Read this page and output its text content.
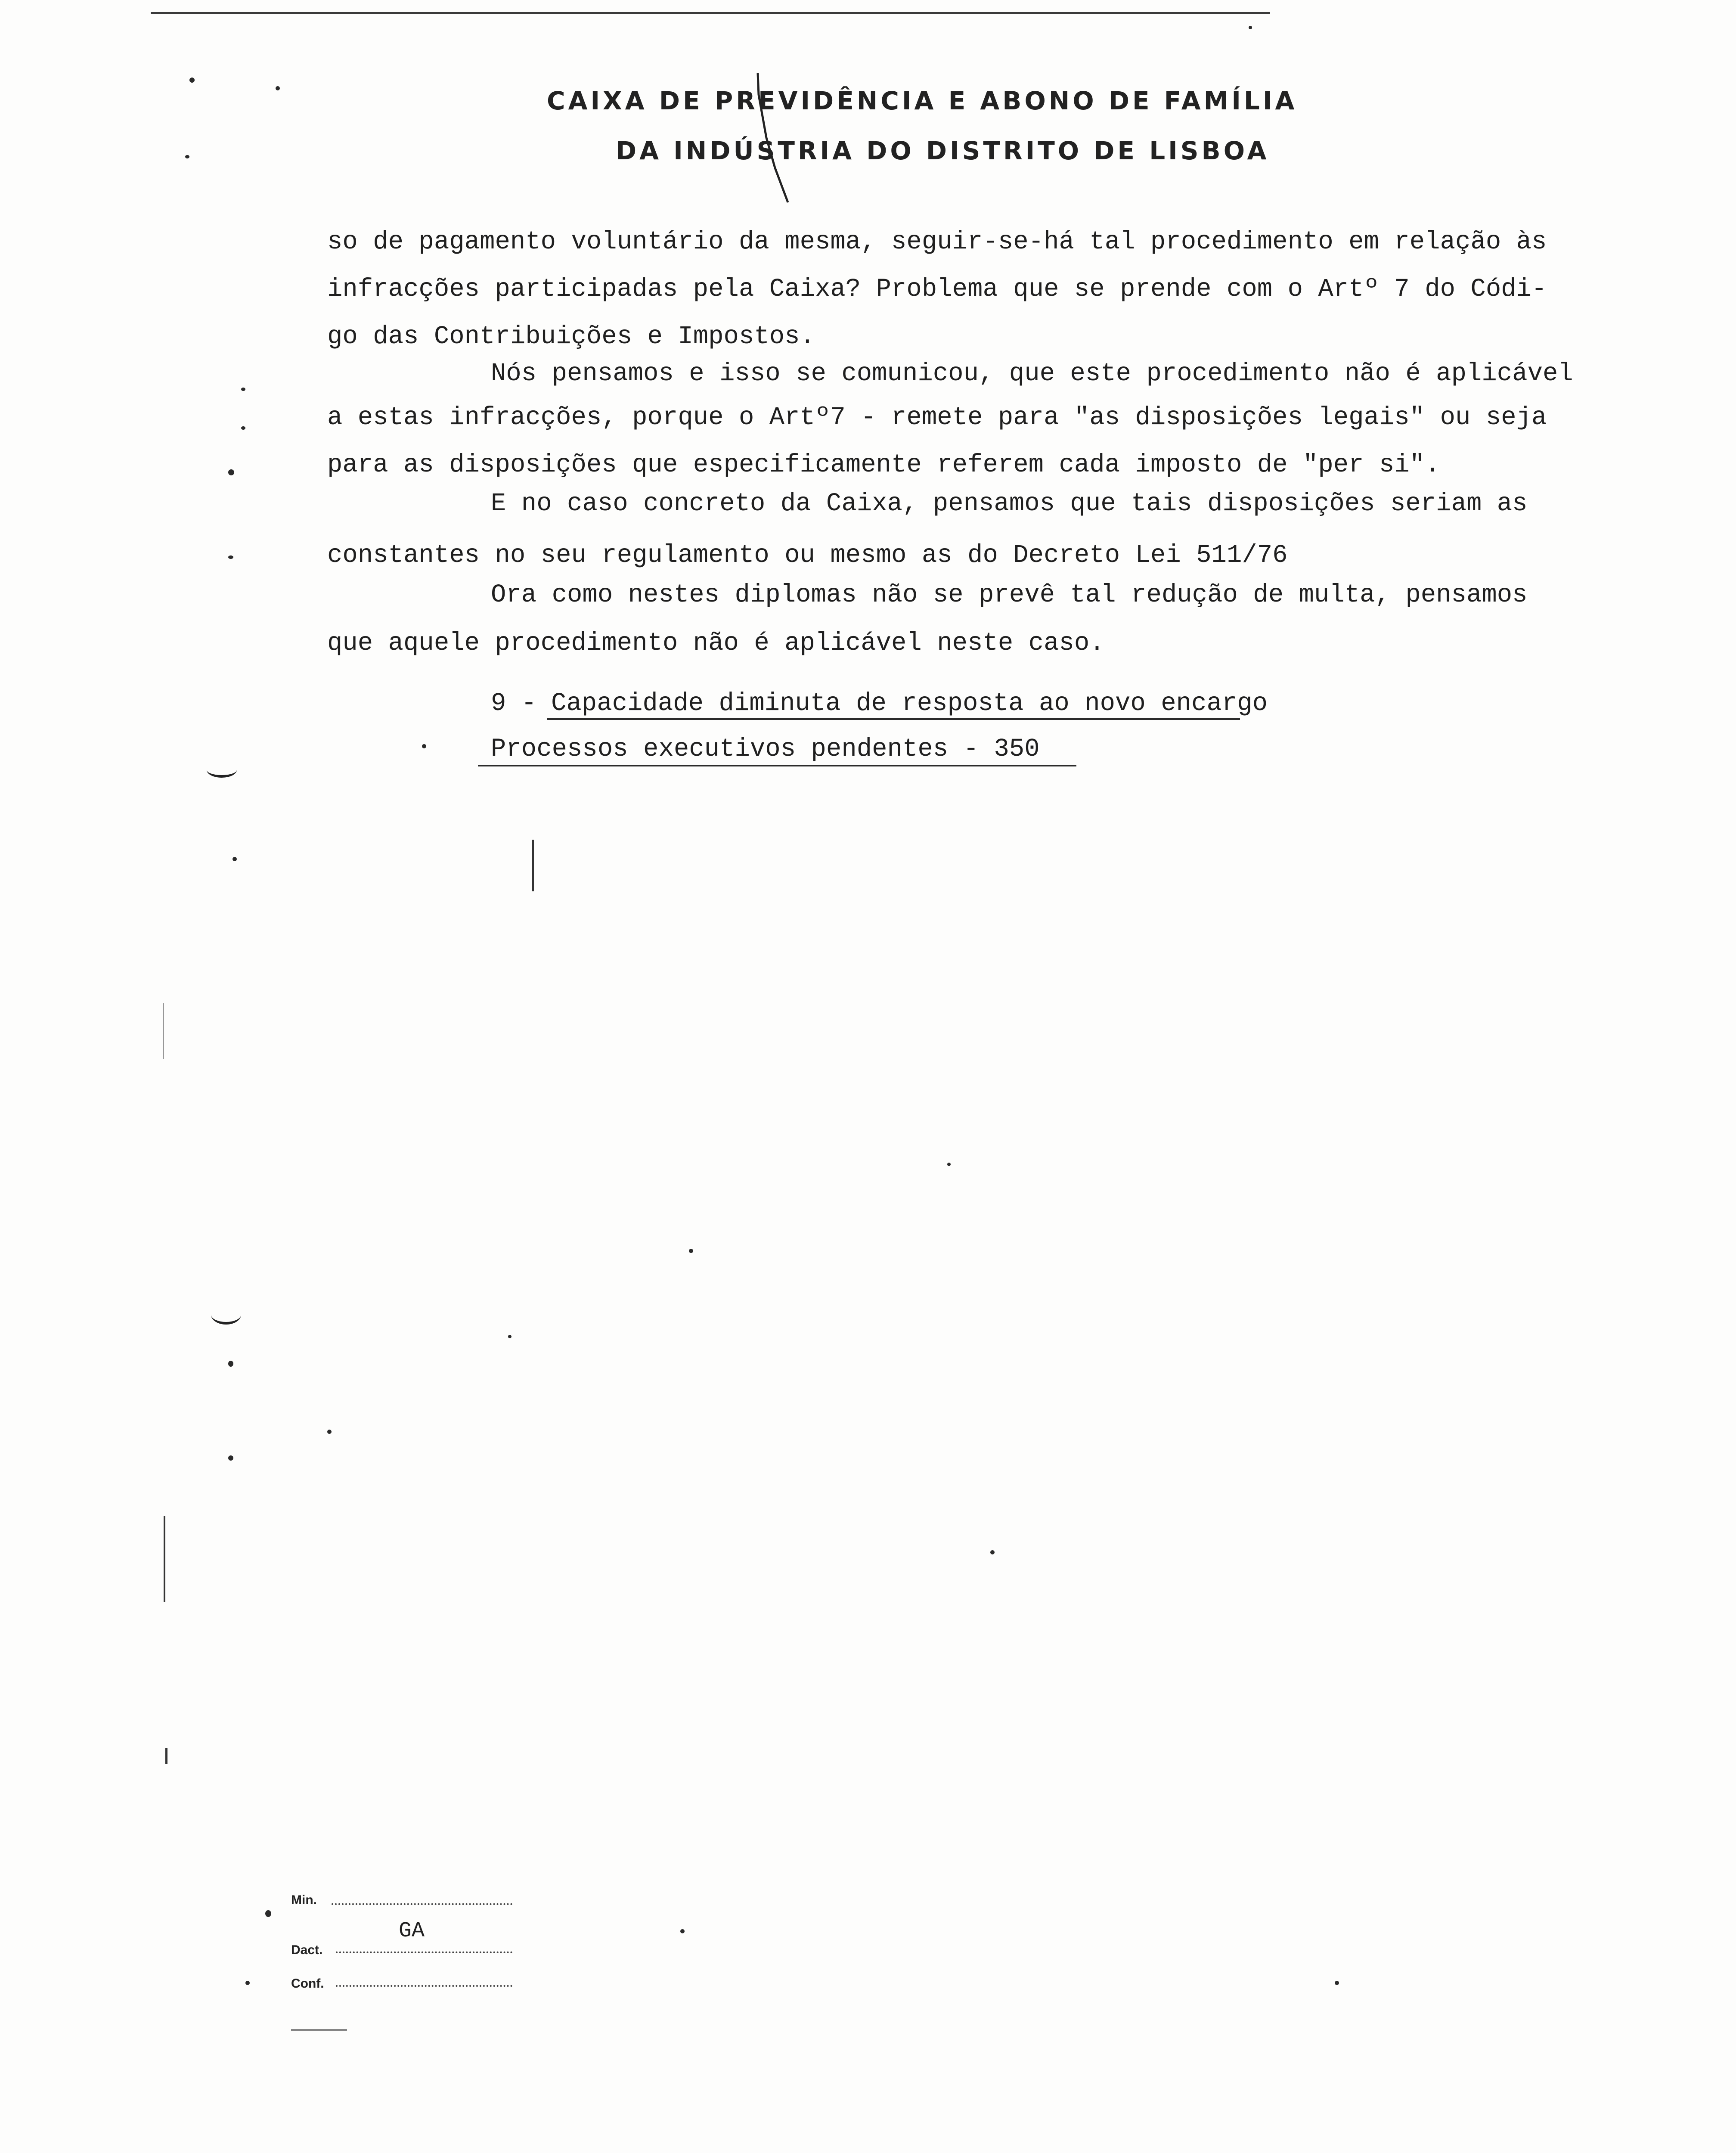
CAIXA DE PREVIDÊNCIA E ABONO DE FAMÍLIA
DA INDÚSTRIA DO DISTRITO DE LISBOA
so de pagamento voluntário da mesma, seguir-se-há tal procedimento em relação às
infracções participadas pela Caixa? Problema que se prende com o Artº 7 do Códi-
go das Contribuições e Impostos.
Nós pensamos e isso se comunicou, que este procedimento não é aplicável
a estas infracções, porque o Artº7 - remete para "as disposições legais" ou seja
para as disposições que especificamente referem cada imposto de "per si".
E no caso concreto da Caixa, pensamos que tais disposições seriam as
constantes no seu regulamento ou mesmo as do Decreto Lei 511/76
Ora como nestes diplomas não se prevê tal redução de multa, pensamos
que aquele procedimento não é aplicável neste caso.
9 - Capacidade diminuta de resposta ao novo encargo
Processos executivos pendentes - 350
Min.
Dact.
GA
Conf.
